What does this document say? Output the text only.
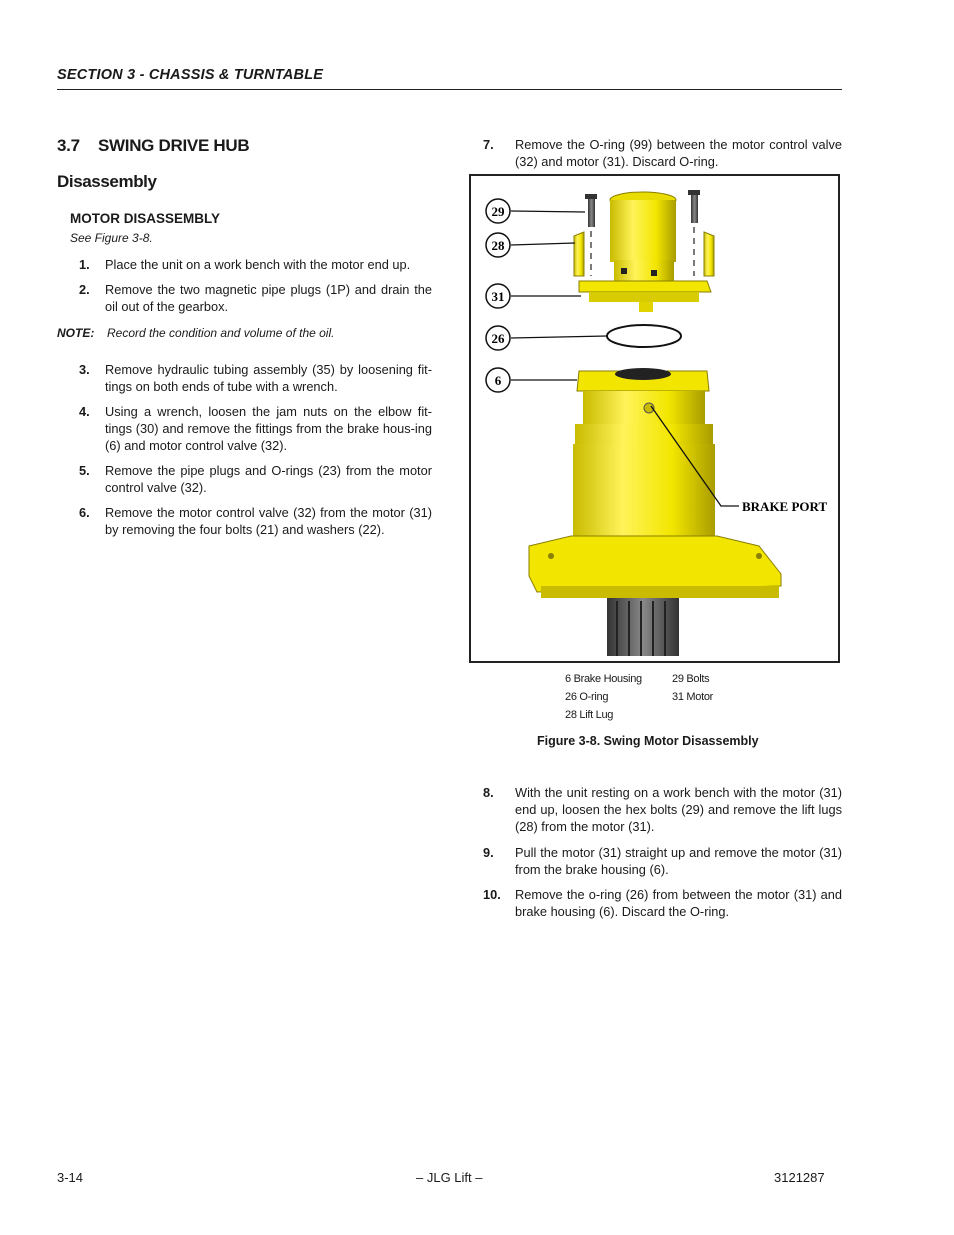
SECTION 3 - CHASSIS & TURNTABLE
3.7 SWING DRIVE HUB
Disassembly
MOTOR DISASSEMBLY
See Figure 3-8.
1. Place the unit on a work bench with the motor end up.
2. Remove the two magnetic pipe plugs (1P) and drain the oil out of the gearbox.
NOTE: Record the condition and volume of the oil.
3. Remove hydraulic tubing assembly (35) by loosening fit-tings on both ends of tube with a wrench.
4. Using a wrench, loosen the jam nuts on the elbow fit-tings (30) and remove the fittings from the brake hous-ing (6) and motor control valve (32).
5. Remove the pipe plugs and O-rings (23) from the motor control valve (32).
6. Remove the motor control valve (32) from the motor (31) by removing the four bolts (21) and washers (22).
7. Remove the O-ring (99) between the motor control valve (32) and motor (31). Discard O-ring.
29
28
31
26
6
BRAKE PORT
6 Brake Housing
26 O-ring
28 Lift Lug
29 Bolts
31 Motor
Figure 3-8. Swing Motor Disassembly
8. With the unit resting on a work bench with the motor (31) end up, loosen the hex bolts (29) and remove the lift lugs (28) from the motor (31).
9. Pull the motor (31) straight up and remove the motor (31) from the brake housing (6).
10. Remove the o-ring (26) from between the motor (31) and brake housing (6). Discard the O-ring.
3-14	– JLG Lift –	3121287
